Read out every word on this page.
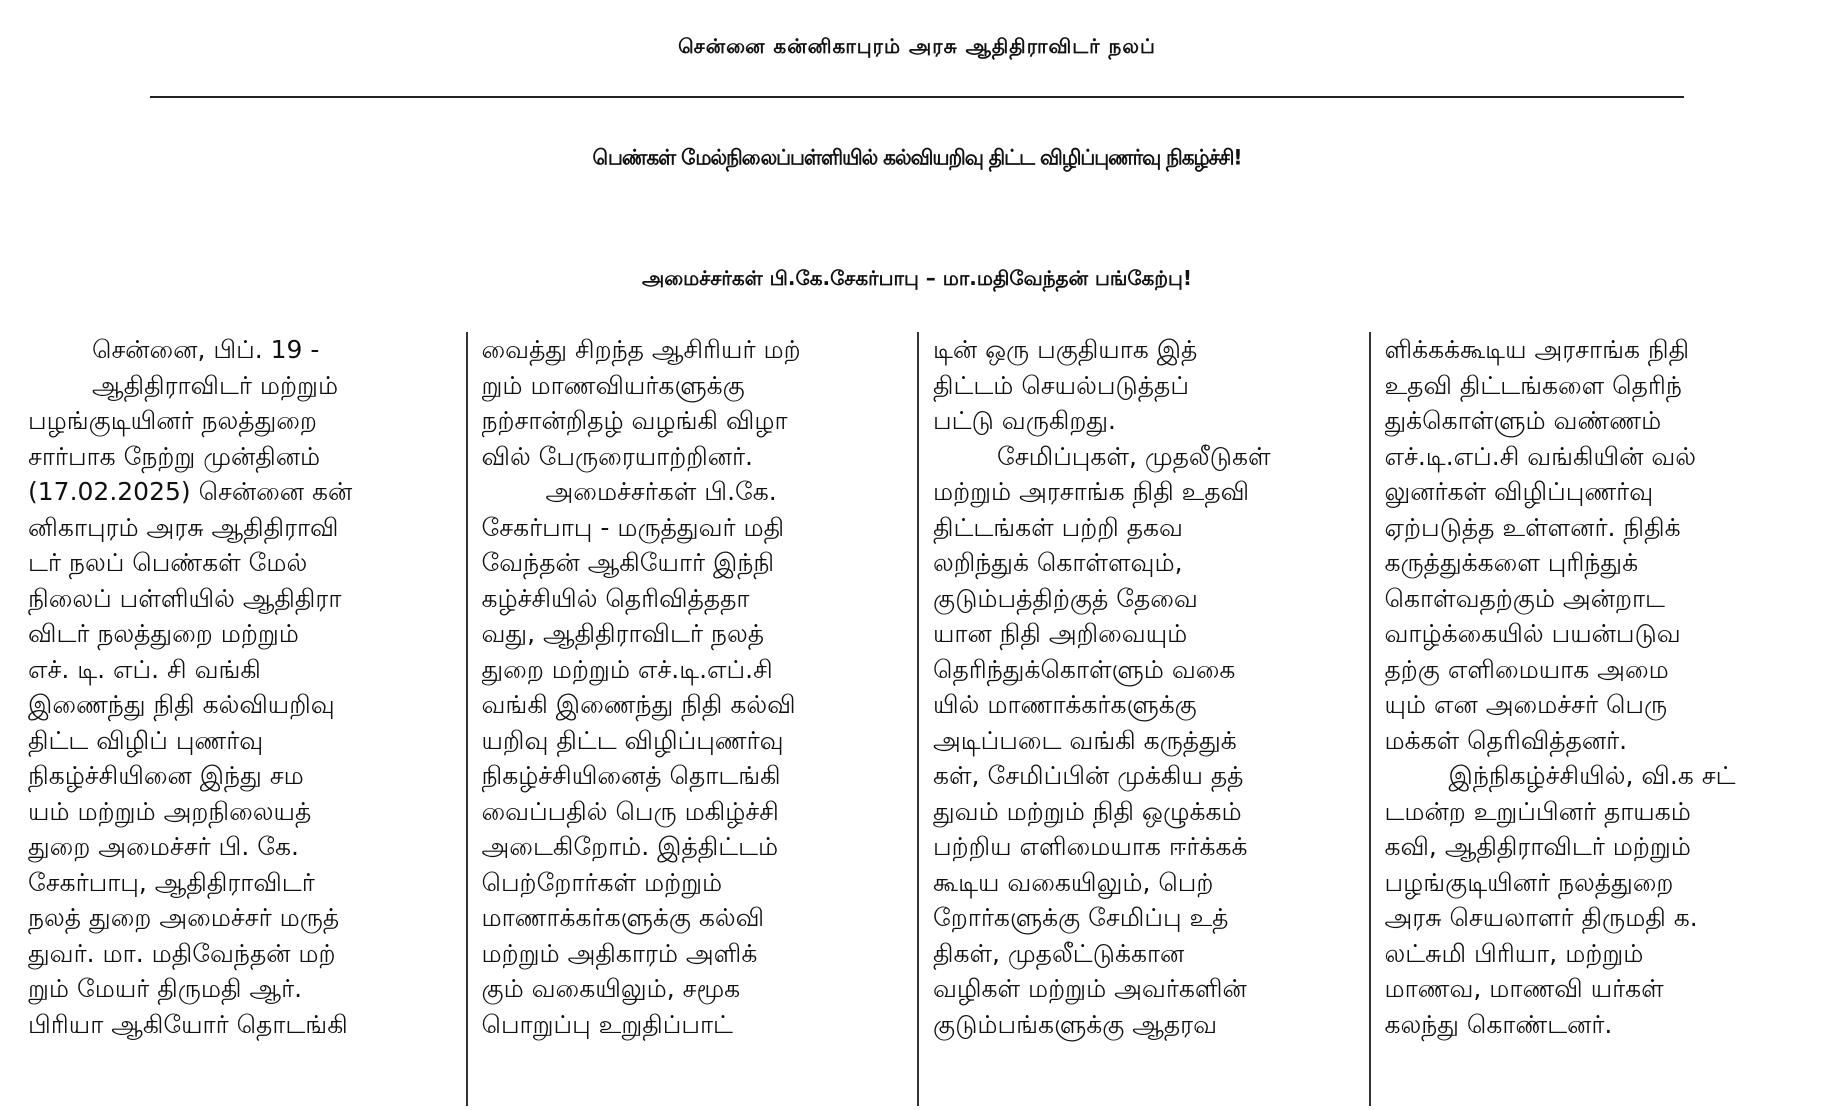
சென்னை கன்னிகாபுரம் அரசு ஆதிதிராவிடர் நலப்
பெண்கள் மேல்நிலைப்பள்ளியில் கல்வியறிவு திட்ட விழிப்புணர்வு நிகழ்ச்சி!
அமைச்சர்கள் பி.கே.சேகர்பாபு – மா.மதிவேந்தன் பங்கேற்பு!
சென்னை, பிப். 19 -
ஆதிதிராவிடர் மற்றும்
பழங்குடியினர் நலத்துறை
சார்பாக நேற்று முன்தினம்
(17.02.2025) சென்னை கன்
னிகாபுரம் அரசு ஆதிதிராவி
டர் நலப் பெண்கள் மேல்
நிலைப் பள்ளியில் ஆதிதிரா
விடர் நலத்துறை மற்றும்
எச். டி. எப். சி வங்கி
இணைந்து நிதி கல்வியறிவு
திட்ட விழிப் புணர்வு
நிகழ்ச்சியினை இந்து சம
யம் மற்றும் அறநிலையத்
துறை அமைச்சர் பி. கே.
சேகர்பாபு, ஆதிதிராவிடர்
நலத் துறை அமைச்சர் மருத்
துவர். மா. மதிவேந்தன் மற்
றும் மேயர் திருமதி ஆர்.
பிரியா ஆகியோர் தொடங்கி
வைத்து சிறந்த ஆசிரியர் மற்
றும் மாணவியர்களுக்கு
நற்சான்றிதழ் வழங்கி விழா
வில் பேருரையாற்றினர்.
அமைச்சர்கள் பி.கே.
சேகர்பாபு - மருத்துவர் மதி
வேந்தன் ஆகியோர் இந்நி
கழ்ச்சியில் தெரிவித்ததா
வது, ஆதிதிராவிடர் நலத்
துறை மற்றும் எச்.டி.எப்.சி
வங்கி இணைந்து நிதி கல்வி
யறிவு திட்ட விழிப்புணர்வு
நிகழ்ச்சியினைத் தொடங்கி
வைப்பதில் பெரு மகிழ்ச்சி
அடைகிறோம். இத்திட்டம்
பெற்றோர்கள் மற்றும்
மாணாக்கர்களுக்கு கல்வி
மற்றும் அதிகாரம் அளிக்
கும் வகையிலும், சமூக
பொறுப்பு உறுதிப்பாட்
டின் ஒரு பகுதியாக இத்
திட்டம் செயல்படுத்தப்
பட்டு வருகிறது.
சேமிப்புகள், முதலீடுகள்
மற்றும் அரசாங்க நிதி உதவி
திட்டங்கள் பற்றி தகவ
லறிந்துக் கொள்ளவும்,
குடும்பத்திற்குத் தேவை
யான நிதி அறிவையும்
தெரிந்துக்கொள்ளும் வகை
யில் மாணாக்கர்களுக்கு
அடிப்படை வங்கி கருத்துக்
கள், சேமிப்பின் முக்கிய தத்
துவம் மற்றும் நிதி ஒழுக்கம்
பற்றிய எளிமையாக ஈர்க்கக்
கூடிய வகையிலும், பெற்
றோர்களுக்கு சேமிப்பு உத்
திகள், முதலீட்டுக்கான
வழிகள் மற்றும் அவர்களின்
குடும்பங்களுக்கு ஆதரவ
ளிக்கக்கூடிய அரசாங்க நிதி
உதவி திட்டங்களை தெரிந்
துக்கொள்ளும் வண்ணம்
எச்.டி.எப்.சி வங்கியின் வல்
லுனர்கள் விழிப்புணர்வு
ஏற்படுத்த உள்ளனர். நிதிக்
கருத்துக்களை புரிந்துக்
கொள்வதற்கும் அன்றாட
வாழ்க்கையில் பயன்படுவ
தற்கு எளிமையாக அமை
யும் என அமைச்சர் பெரு
மக்கள் தெரிவித்தனர்.
இந்நிகழ்ச்சியில், வி.க சட்
டமன்ற உறுப்பினர் தாயகம்
கவி, ஆதிதிராவிடர் மற்றும்
பழங்குடியினர் நலத்துறை
அரசு செயலாளர் திருமதி க.
லட்சுமி பிரியா, மற்றும்
மாணவ, மாணவி யர்கள்
கலந்து கொண்டனர்.
